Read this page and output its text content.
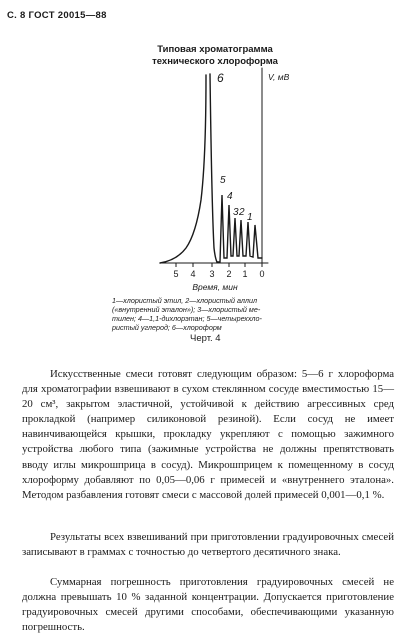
С. 8 ГОСТ 20015—88
Типовая хроматограмма
технического хлороформа
5 4 3 2 1 0
Время, мин
V, мВ
6
5
4
3 2 1
1—хлористый этил, 2—хлористый аллил
(«внутренний эталон»); 3—хлористый ме-
тилен; 4—1,1-дихлорэтан; 5—четыреххло-
ристый углерод; 6—хлороформ
Черт. 4

Искусственные смеси готовят следующим образом: 5—6 г хлороформа для хроматографии взвешивают в сухом стеклянном сосуде вместимостью 15—20 см³, закрытом эластичной, устойчивой к действию агрессивных сред прокладкой (например силиконовой резиной). Если сосуд не имеет навинчивающейся крышки, прокладку укрепляют с помощью зажимного устройства любого типа (зажимные устройства не должны препятствовать вводу иглы микрошприца в сосуд). Микрошприцем к помещенному в сосуд хлороформу добавляют по 0,05—0,06 г примесей и «внутреннего эталона». Методом разбавления готовят смеси с массовой долей примесей 0,001—0,1 %.

Результаты всех взвешиваний при приготовлении градуировочных смесей записывают в граммах с точностью до четвертого десятичного знака.

Суммарная погрешность приготовления градуировочных смесей не должна превышать 10 % заданной концентрации. Допускается приготовление градуировочных смесей другими способами, обеспечивающими указанную погрешность.
